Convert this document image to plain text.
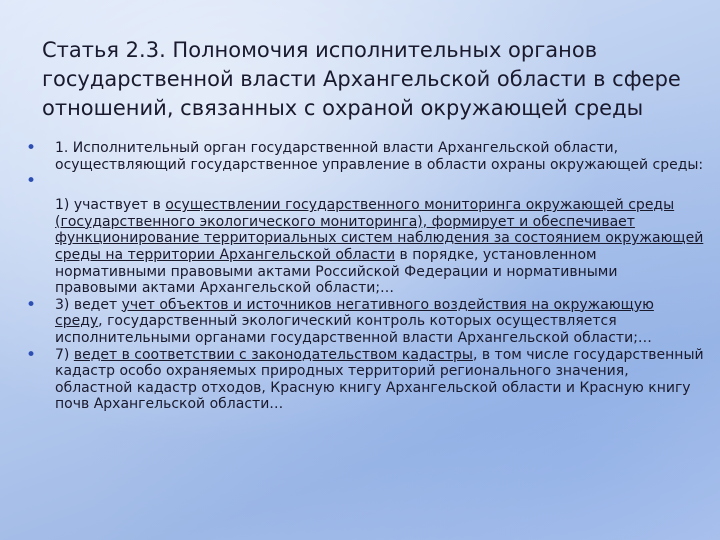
Статья 2.3. Полномочия исполнительных органов
государственной власти Архангельской области в сфере
отношений, связанных с охраной окружающей среды
• 1. Исполнительный орган государственной власти Архангельской области, осуществляющий государственное управление в области охраны окружающей среды:
•
1) участвует в осуществлении государственного мониторинга окружающей среды (государственного экологического мониторинга), формирует и обеспечивает функционирование территориальных систем наблюдения за состоянием окружающей среды на территории Архангельской области в порядке, установленном нормативными правовыми актами Российской Федерации и нормативными правовыми актами Архангельской области;…
• 3) ведет учет объектов и источников негативного воздействия на окружающую среду, государственный экологический контроль которых осуществляется исполнительными органами государственной власти Архангельской области;…
• 7) ведет в соответствии с законодательством кадастры, в том числе государственный кадастр особо охраняемых природных территорий регионального значения, областной кадастр отходов, Красную книгу Архангельской области и Красную книгу почв Архангельской области…
